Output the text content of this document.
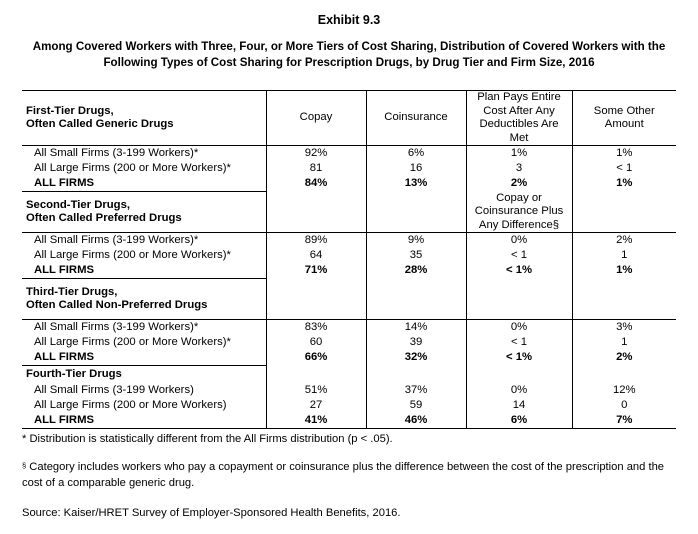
Exhibit 9.3
Among Covered Workers with Three, Four, or More Tiers of Cost Sharing, Distribution of Covered Workers with the
Following Types of Cost Sharing for Prescription Drugs, by Drug Tier and Firm Size, 2016
First-Tier Drugs,
Often Called Generic Drugs	Copay	Coinsurance	Plan Pays Entire Cost After Any Deductibles Are Met	Some Other Amount

All Small Firms (3-199 Workers)*	92%	6%	1%	1%
All Large Firms (200 or More Workers)*	81	16	3	< 1
ALL FIRMS	84%	13%	2%	1%

Second-Tier Drugs,
Often Called Preferred Drugs			Copay or Coinsurance Plus Any Difference§	

All Small Firms (3-199 Workers)*	89%	9%	0%	2%
All Large Firms (200 or More Workers)*	64	35	< 1	1
ALL FIRMS	71%	28%	< 1%	1%

Third-Tier Drugs,
Often Called Non-Preferred Drugs				

All Small Firms (3-199 Workers)*	83%	14%	0%	3%
All Large Firms (200 or More Workers)*	60	39	< 1	1
ALL FIRMS	66%	32%	< 1%	2%
Fourth-Tier Drugs				
All Small Firms (3-199 Workers)	51%	37%	0%	12%
All Large Firms (200 or More Workers)	27	59	14	0
ALL FIRMS	41%	46%	6%	7%
* Distribution is statistically different from the All Firms distribution (p < .05).
§ Category includes workers who pay a copayment or coinsurance plus the difference between the cost of the prescription and the cost of a comparable generic drug.
Source: Kaiser/HRET Survey of Employer-Sponsored Health Benefits, 2016.
